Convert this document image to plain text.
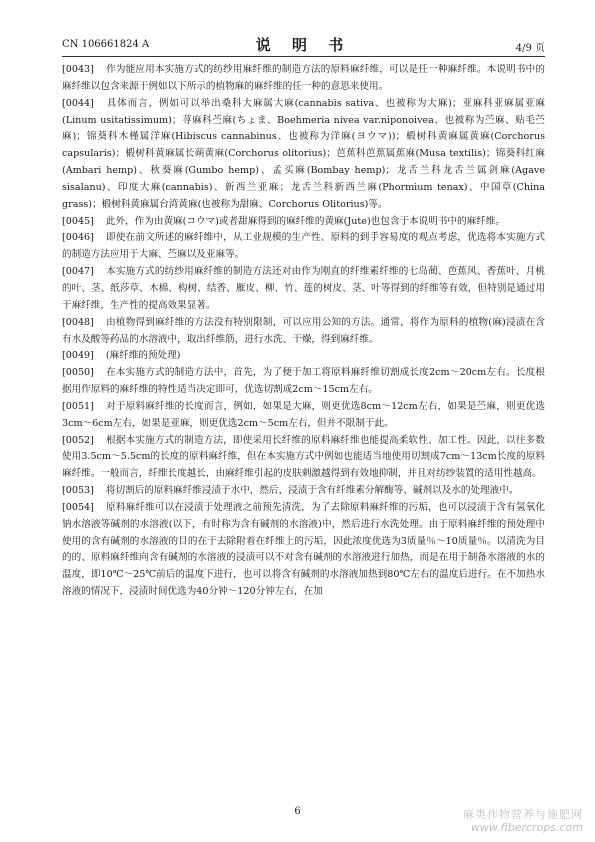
CN 106661824 A	说 明 书	4/9 页

[0043] 作为能应用本实施方式的纺纱用麻纤维的制造方法的原料麻纤维，可以是任一种麻纤维。本说明书中的麻纤维以包含来源于例如以下所示的植物麻的麻纤维的任一种的意思来使用。

[0044] 具体而言，例如可以举出桑科大麻属大麻(cannabis sativa、也被称为大麻)；亚麻科亚麻属亚麻(Linum usitatissimum)；荨麻科苎麻(ちょま、Boehmeria nivea var.niponoivea、也被称为苎麻、贴毛苎麻)；锦葵科木槿属洋麻(Hibiscus cannabinus、也被称为洋麻(ヨウマ))；椴树科黄麻属黄麻(Corchorus capsularis)；椴树科黄麻属长蒴黄麻(Corchorus olitorius)；芭蕉科芭蕉属蕉麻(Musa textilis)；锦葵科红麻(Ambari hemp)、秋葵麻(Gumbo hemp)、孟买麻(Bombay hemp)；龙舌兰科龙舌兰属剑麻(Agave sisalanu)、印度大麻(cannabis)、新西兰亚麻；龙舌兰科新西兰麻(Phormium tenax)、中国草(China grass)；椴树科黄麻属台湾黄麻(也被称为甜麻、Corchorus Olitorius)等。

[0045] 此外，作为由黄麻(コウマ)或者甜麻得到的麻纤维的黄麻(Jute)也包含于本说明书中的麻纤维。

[0046] 即使在前文所述的麻纤维中，从工业规模的生产性、原料的到手容易度的观点考虑，优选将本实施方式的制造方法应用于大麻、苎麻以及亚麻等。

[0047] 本实施方式的纺纱用麻纤维的制造方法还对由作为刚直的纤维素纤维的七岛蔺、芭蕉风、香蕉叶、月桃的叶、茎、纸莎草、木棉、构树、结香、雁皮、柳、竹、莲的树皮、茎、叶等得到的纤维等有效，但特别是通过用于麻纤维，生产性的提高效果显著。

[0048] 由植物得到麻纤维的方法没有特别限制，可以应用公知的方法。通常，将作为原料的植物(麻)浸渍在含有水及酸等药品的水溶液中，取出纤维筋，进行水洗、干燥，得到麻纤维。

[0049] (麻纤维的预处理)

[0050] 在本实施方式的制造方法中，首先，为了便于加工将原料麻纤维切割成长度2cm～20cm左右。长度根据用作原料的麻纤维的特性适当决定即可，优选切割成2cm～15cm左右。

[0051] 对于原料麻纤维的长度而言，例如，如果是大麻，则更优选8cm～12cm左右，如果是苎麻，则更优选3cm～6cm左右，如果是亚麻，则更优选2cm～5cm左右，但并不限制于此。

[0052] 根据本实施方式的制造方法，即使采用长纤维的原料麻纤维也能提高柔软性、加工性。因此，以往多数使用3.5cm～5.5cm的长度的原料麻纤维，但在本实施方式中例如也能适当地使用切割成7cm～13cm长度的原料麻纤维。一般而言，纤维长度越长，由麻纤维引起的皮肤刺激越得到有效地抑制，并且对纺纱装置的适用性越高。

[0053] 将切割后的原料麻纤维浸渍于水中，然后，浸渍于含有纤维素分解酶等、碱剂以及水的处理液中。

[0054] 原料麻纤维可以在浸渍于处理液之前预先清洗，为了去除原料麻纤维的污垢，也可以浸渍于含有氢氧化钠水溶液等碱剂的水溶液(以下，有时称为含有碱剂的水溶液)中，然后进行水洗处理。由于原料麻纤维的预处理中使用的含有碱剂的水溶液的目的在于去除附着在纤维上的污垢，因此浓度优选为3质量％～10质量％。以清洗为目的的、原料麻纤维向含有碱剂的水溶液的浸渍可以不对含有碱剂的水溶液进行加热，而是在用于制备水溶液的水的温度，即10℃～25℃前后的温度下进行，也可以将含有碱剂的水溶液加热到80℃左右的温度后进行。在不加热水溶液的情况下，浸渍时间优选为40分钟～120分钟左右，在加

6	麻类作物营养与施肥网
www.fibercrops.com
